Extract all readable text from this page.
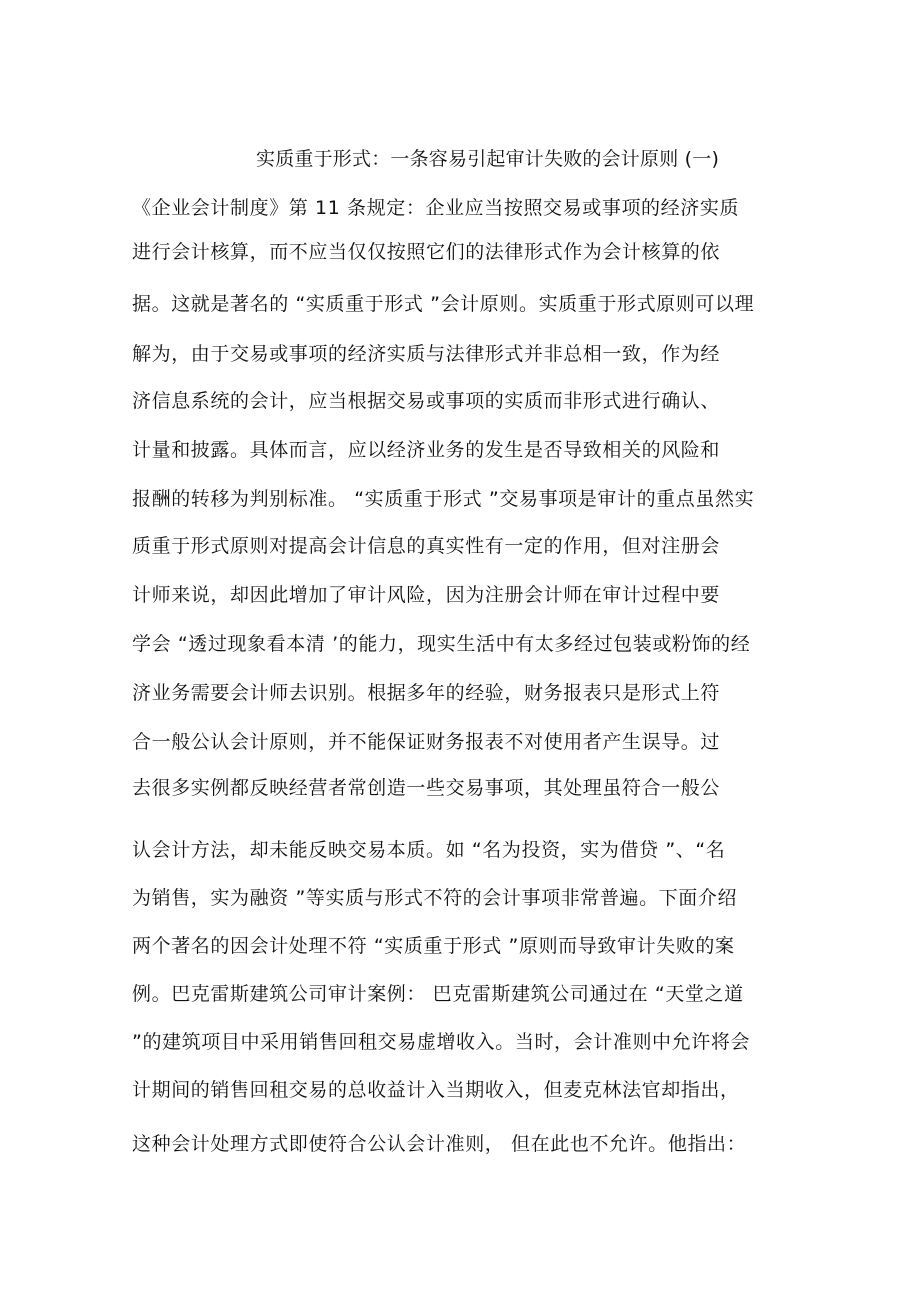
实质重于形式：一条容易引起审计失败的会计原则 (一)
《企业会计制度》第 11 条规定：企业应当按照交易或事项的经济实质
进行会计核算，而不应当仅仅按照它们的法律形式作为会计核算的依
据。这就是著名的 “实质重于形式 ”会计原则。实质重于形式原则可以理
解为，由于交易或事项的经济实质与法律形式并非总相一致，作为经
济信息系统的会计，应当根据交易或事项的实质而非形式进行确认、
计量和披露。具体而言，应以经济业务的发生是否导致相关的风险和
报酬的转移为判别标准。 “实质重于形式 ”交易事项是审计的重点虽然实
质重于形式原则对提高会计信息的真实性有一定的作用，但对注册会
计师来说，却因此增加了审计风险，因为注册会计师在审计过程中要
学会 “透过现象看本清 ’的能力，现实生活中有太多经过包装或粉饰的经
济业务需要会计师去识别。根据多年的经验，财务报表只是形式上符
合一般公认会计原则，并不能保证财务报表不对使用者产生误导。过
去很多实例都反映经营者常创造一些交易事项，其处理虽符合一般公
认会计方法，却未能反映交易本质。如 “名为投资，实为借贷 ”、“名
为销售，实为融资 ”等实质与形式不符的会计事项非常普遍。下面介绍
两个著名的因会计处理不符 “实质重于形式 ”原则而导致审计失败的案
例。巴克雷斯建筑公司审计案例： 巴克雷斯建筑公司通过在 “天堂之道
”的建筑项目中采用销售回租交易虚增收入。当时，会计准则中允许将会
计期间的销售回租交易的总收益计入当期收入，但麦克林法官却指出，
这种会计处理方式即使符合公认会计准则， 但在此也不允许。他指出：
